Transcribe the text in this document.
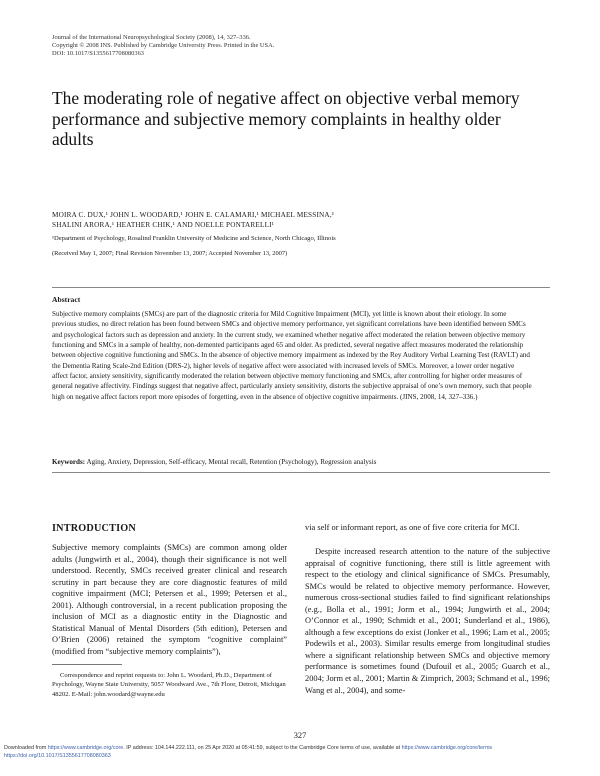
Journal of the International Neuropsychological Society (2008), 14, 327–336.
Copyright © 2008 INS. Published by Cambridge University Press. Printed in the USA.
DOI: 10.1017/S1355617708080363
The moderating role of negative affect on objective verbal memory performance and subjective memory complaints in healthy older adults
MOIRA C. DUX,¹ JOHN L. WOODARD,¹ JOHN E. CALAMARI,¹ MICHAEL MESSINA,¹
SHALINI ARORA,¹ HEATHER CHIK,¹ AND NOELLE PONTARELLI¹
¹Department of Psychology, Rosalind Franklin University of Medicine and Science, North Chicago, Illinois
(Received May 1, 2007; Final Revision November 13, 2007; Accepted November 13, 2007)
Abstract

Subjective memory complaints (SMCs) are part of the diagnostic criteria for Mild Cognitive Impairment (MCI), yet little is known about their etiology. In some previous studies, no direct relation has been found between SMCs and objective memory performance, yet significant correlations have been identified between SMCs and psychological factors such as depression and anxiety. In the current study, we examined whether negative affect moderated the relation between objective memory functioning and SMCs in a sample of healthy, non-demented participants aged 65 and older. As predicted, several negative affect measures moderated the relationship between objective cognitive functioning and SMCs. In the absence of objective memory impairment as indexed by the Rey Auditory Verbal Learning Test (RAVLT) and the Dementia Rating Scale-2nd Edition (DRS-2), higher levels of negative affect were associated with increased levels of SMCs. Moreover, a lower order negative affect factor, anxiety sensitivity, significantly moderated the relation between objective memory functioning and SMCs, after controlling for higher order measures of general negative affectivity. Findings suggest that negative affect, particularly anxiety sensitivity, distorts the subjective appraisal of one’s own memory, such that people high on negative affect factors report more episodes of forgetting, even in the absence of objective cognitive impairments. (JINS, 2008, 14, 327–336.)

Keywords: Aging, Anxiety, Depression, Self-efficacy, Mental recall, Retention (Psychology), Regression analysis
INTRODUCTION

Subjective memory complaints (SMCs) are common among older adults (Jungwirth et al., 2004), though their significance is not well understood. Recently, SMCs received greater clinical and research scrutiny in part because they are core diagnostic features of mild cognitive impairment (MCI; Petersen et al., 1999; Petersen et al., 2001). Although controversial, in a recent publication proposing the inclusion of MCI as a diagnostic entity in the Diagnostic and Statistical Manual of Mental Disorders (5th edition), Petersen and O’Brien (2006) retained the symptom “cognitive complaint” (modified from “subjective memory complaints”),

via self or informant report, as one of five core criteria for MCI.

Despite increased research attention to the nature of the subjective appraisal of cognitive functioning, there still is little agreement with respect to the etiology and clinical significance of SMCs. Presumably, SMCs would be related to objective memory performance. However, numerous cross-sectional studies failed to find significant relationships (e.g., Bolla et al., 1991; Jorm et al., 1994; Jungwirth et al., 2004; O’Connor et al., 1990; Schmidt et al., 2001; Sunderland et al., 1986), although a few exceptions do exist (Jonker et al., 1996; Lam et al., 2005; Podewils et al., 2003). Similar results emerge from longitudinal studies where a significant relationship between SMCs and objective memory performance is sometimes found (Dufouil et al., 2005; Guarch et al., 2004; Jorm et al., 2001; Martin & Zimprich, 2003; Schmand et al., 1996; Wang et al., 2004), and some-

Correspondence and reprint requests to: John L. Woodard, Ph.D., Department of Psychology, Wayne State University, 5057 Woodward Ave., 7th Floor, Detroit, Michigan 48202. E-Mail: john.woodard@wayne.edu

327

Downloaded from https://www.cambridge.org/core. IP address: 104.144.222.111, on 25 Apr 2020 at 05:41:59, subject to the Cambridge Core terms of use, available at https://www.cambridge.org/core/terms
https://doi.org/10.1017/S1355617708080363
